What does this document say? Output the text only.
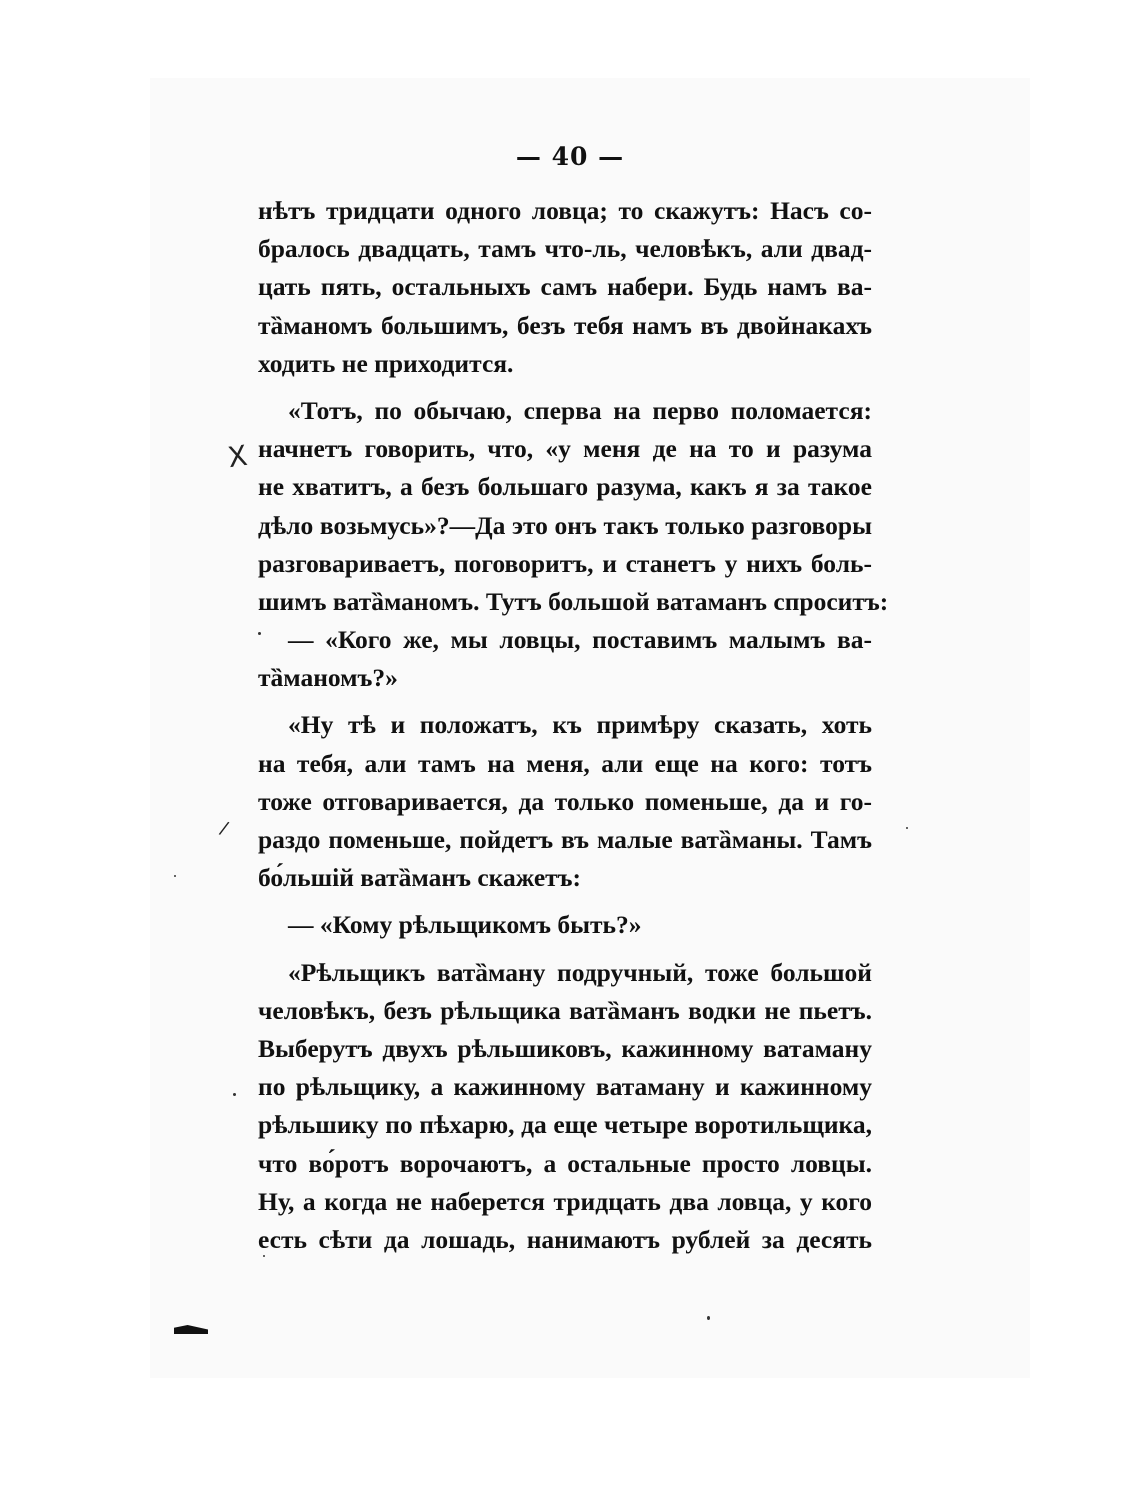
— 40 —
нѣтъ тридцати одного ловца; то скажутъ: Насъ со-
бралось двадцать, тамъ что-ль, человѣкъ, али двад-
цать пять, остальныхъ самъ набери. Будь намъ ва-
тȁманомъ большимъ, безъ тебя намъ въ двойнакахъ
ходить не приходится.
«Тотъ, по обычаю, сперва на перво поломается:
начнетъ говорить, что, «у меня де на то и разума
не хватитъ, а безъ большаго разума, какъ я за такое
дѣло возьмусь»?—Да это онъ такъ только разговоры
разговариваетъ, поговоритъ, и станетъ у нихъ боль-
шимъ ватȁманомъ. Тутъ большой ватаманъ спроситъ:
— «Кого же, мы ловцы, поставимъ малымъ ва-
тȁманомъ?»
«Ну тѣ и положатъ, къ примѣру сказать, хоть
на тебя, али тамъ на меня, али еще на кого: тотъ
тоже отговаривается, да только поменьше, да и го-
раздо поменьше, пойдетъ въ малые ватȁманы. Тамъ
бо́льшій ватȁманъ скажетъ:
— «Кому рѣльщикомъ быть?»
«Рѣльщикъ ватȁману подручный, тоже большой
человѣкъ, безъ рѣльщика ватȁманъ водки не пьетъ.
Выберутъ двухъ рѣльшиковъ, кажинному ватаману
по рѣльщику, а кажинному ватаману и кажинному
рѣльшику по пѣхарю, да еще четыре воротильщика,
что во́ротъ ворочаютъ, а остальные просто ловцы.
Ну, а когда не наберется тридцать два ловца, у кого
есть сѣти да лошадь, нанимаютъ рублей за десять
X
/
